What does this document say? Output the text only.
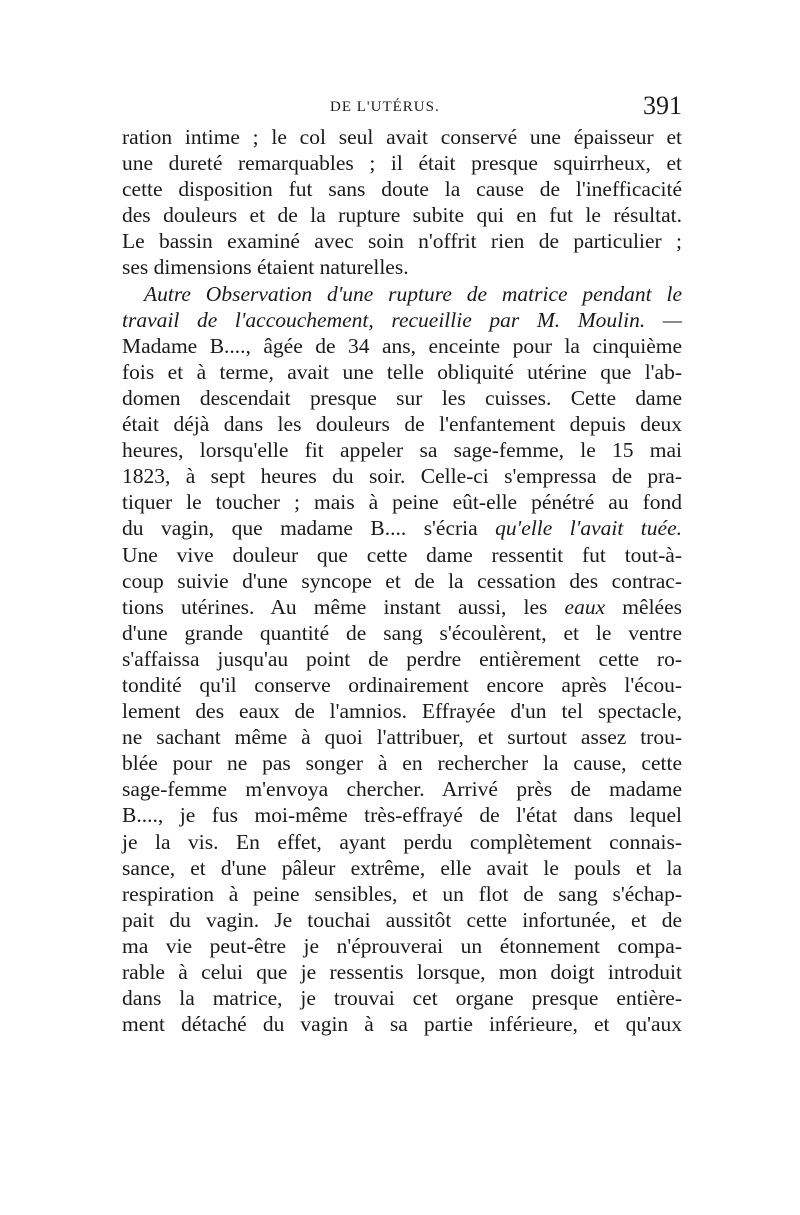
DE L'UTÉRUS.	391
ration intime ; le col seul avait conservé une épaisseur et
une dureté remarquables ; il était presque squirrheux, et
cette disposition fut sans doute la cause de l'inefficacité
des douleurs et de la rupture subite qui en fut le résultat.
Le bassin examiné avec soin n'offrit rien de particulier ;
ses dimensions étaient naturelles.
Autre Observation d'une rupture de matrice pendant le
travail de l'accouchement, recueillie par M. Moulin. —
Madame B...., âgée de 34 ans, enceinte pour la cinquième
fois et à terme, avait une telle obliquité utérine que l'ab-
domen descendait presque sur les cuisses. Cette dame
était déjà dans les douleurs de l'enfantement depuis deux
heures, lorsqu'elle fit appeler sa sage-femme, le 15 mai
1823, à sept heures du soir. Celle-ci s'empressa de pra-
tiquer le toucher ; mais à peine eût-elle pénétré au fond
du vagin, que madame B.... s'écria qu'elle l'avait tuée.
Une vive douleur que cette dame ressentit fut tout-à-
coup suivie d'une syncope et de la cessation des contrac-
tions utérines. Au même instant aussi, les eaux mêlées
d'une grande quantité de sang s'écoulèrent, et le ventre
s'affaissa jusqu'au point de perdre entièrement cette ro-
tondité qu'il conserve ordinairement encore après l'écou-
lement des eaux de l'amnios. Effrayée d'un tel spectacle,
ne sachant même à quoi l'attribuer, et surtout assez trou-
blée pour ne pas songer à en rechercher la cause, cette
sage-femme m'envoya chercher. Arrivé près de madame
B...., je fus moi-même très-effrayé de l'état dans lequel
je la vis. En effet, ayant perdu complètement connais-
sance, et d'une pâleur extrême, elle avait le pouls et la
respiration à peine sensibles, et un flot de sang s'échap-
pait du vagin. Je touchai aussitôt cette infortunée, et de
ma vie peut-être je n'éprouverai un étonnement compa-
rable à celui que je ressentis lorsque, mon doigt introduit
dans la matrice, je trouvai cet organe presque entière-
ment détaché du vagin à sa partie inférieure, et qu'aux
